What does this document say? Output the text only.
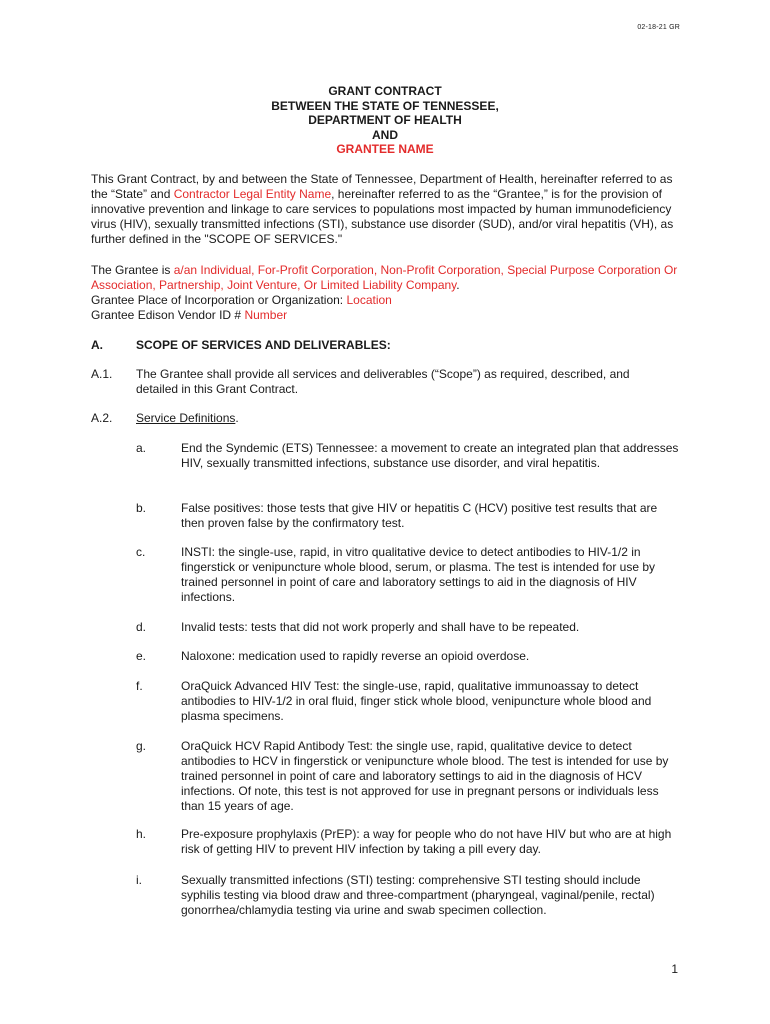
02-18-21 GR
GRANT CONTRACT
BETWEEN THE STATE OF TENNESSEE,
DEPARTMENT OF HEALTH
AND
GRANTEE NAME
This Grant Contract, by and between the State of Tennessee, Department of Health, hereinafter referred to as the “State” and Contractor Legal Entity Name, hereinafter referred to as the “Grantee,” is for the provision of innovative prevention and linkage to care services to populations most impacted by human immunodeficiency virus (HIV), sexually transmitted infections (STI), substance use disorder (SUD), and/or viral hepatitis (VH), as further defined in the "SCOPE OF SERVICES."
The Grantee is a/an Individual, For-Profit Corporation, Non-Profit Corporation, Special Purpose Corporation Or Association, Partnership, Joint Venture, Or Limited Liability Company.
Grantee Place of Incorporation or Organization: Location
Grantee Edison Vendor ID # Number
A.	SCOPE OF SERVICES AND DELIVERABLES:
A.1. The Grantee shall provide all services and deliverables (“Scope”) as required, described, and detailed in this Grant Contract.
A.2. Service Definitions.
a.	End the Syndemic (ETS) Tennessee: a movement to create an integrated plan that addresses HIV, sexually transmitted infections, substance use disorder, and viral hepatitis.
b.	False positives: those tests that give HIV or hepatitis C (HCV) positive test results that are then proven false by the confirmatory test.
c.	INSTI: the single-use, rapid, in vitro qualitative device to detect antibodies to HIV-1/2 in fingerstick or venipuncture whole blood, serum, or plasma. The test is intended for use by trained personnel in point of care and laboratory settings to aid in the diagnosis of HIV infections.
d.	Invalid tests: tests that did not work properly and shall have to be repeated.
e.	Naloxone: medication used to rapidly reverse an opioid overdose.
f.	OraQuick Advanced HIV Test: the single-use, rapid, qualitative immunoassay to detect antibodies to HIV-1/2 in oral fluid, finger stick whole blood, venipuncture whole blood and plasma specimens.
g.	OraQuick HCV Rapid Antibody Test: the single use, rapid, qualitative device to detect antibodies to HCV in fingerstick or venipuncture whole blood. The test is intended for use by trained personnel in point of care and laboratory settings to aid in the diagnosis of HCV infections. Of note, this test is not approved for use in pregnant persons or individuals less than 15 years of age.
h.	Pre-exposure prophylaxis (PrEP): a way for people who do not have HIV but who are at high risk of getting HIV to prevent HIV infection by taking a pill every day.
i.	Sexually transmitted infections (STI) testing: comprehensive STI testing should include syphilis testing via blood draw and three-compartment (pharyngeal, vaginal/penile, rectal) gonorrhea/chlamydia testing via urine and swab specimen collection.
1
